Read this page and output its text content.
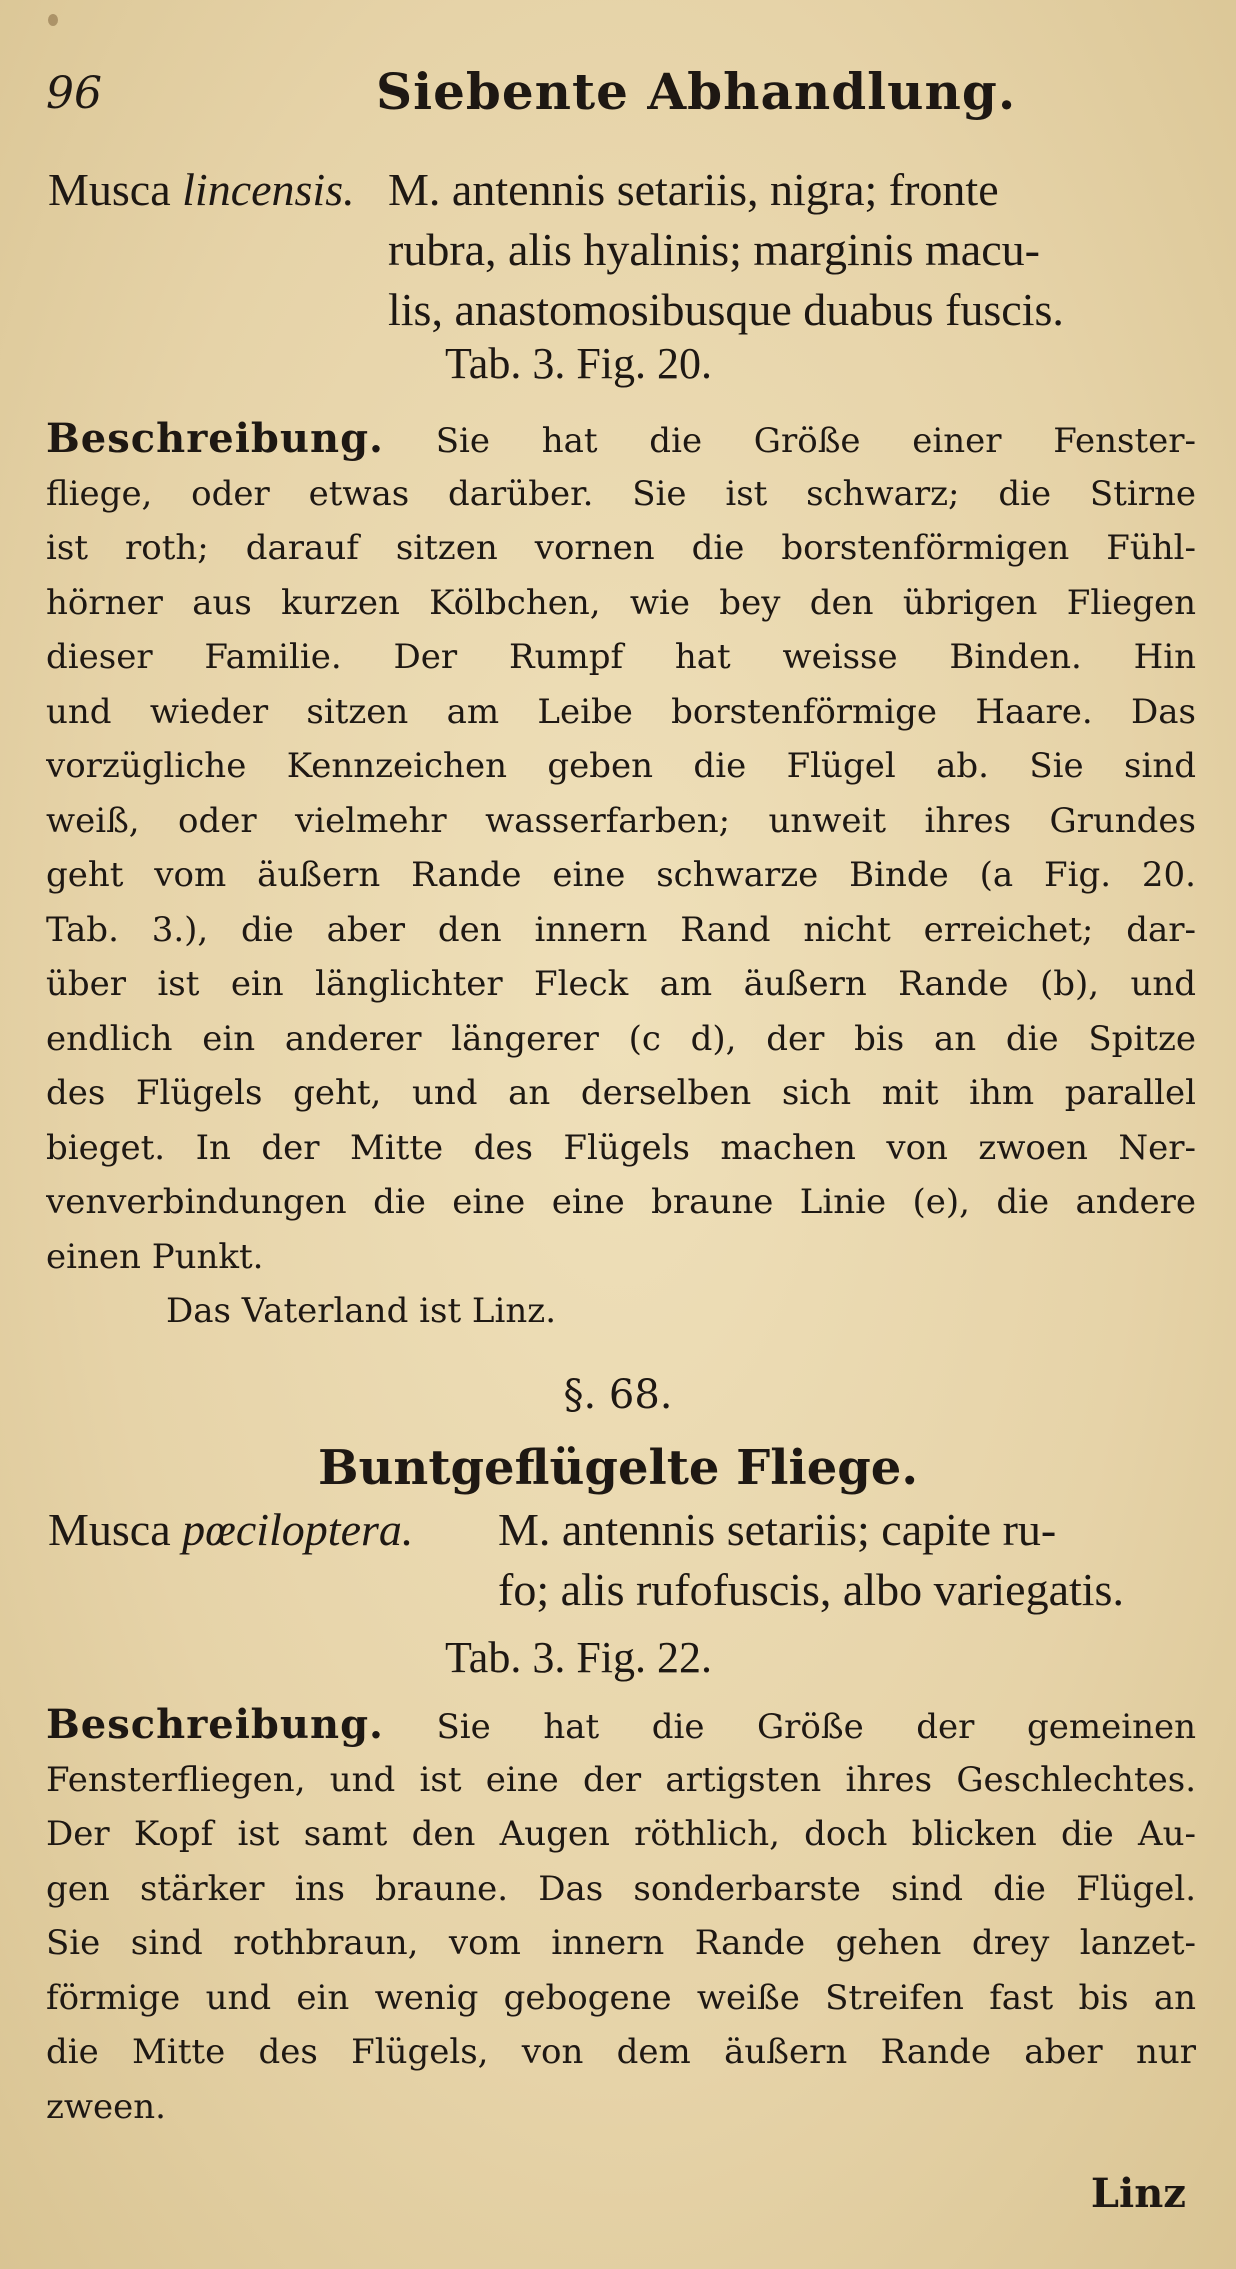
96	Siebente Abhandlung.
Musca lincensis. M. antennis setariis, nigra; fronte
rubra, alis hyalinis; marginis macu-
lis, anastomosibusque duabus fuscis.
Tab. 3. Fig. 20.
Beschreibung. Sie hat die Größe einer Fenster-
fliege, oder etwas darüber. Sie ist schwarz; die Stirne
ist roth; darauf sitzen vornen die borstenförmigen Fühl-
hörner aus kurzen Kölbchen, wie bey den übrigen Fliegen
dieser Familie. Der Rumpf hat weisse Binden. Hin
und wieder sitzen am Leibe borstenförmige Haare. Das
vorzügliche Kennzeichen geben die Flügel ab. Sie sind
weiß, oder vielmehr wasserfarben; unweit ihres Grundes
geht vom äußern Rande eine schwarze Binde (a Fig. 20.
Tab. 3.), die aber den innern Rand nicht erreichet; dar-
über ist ein länglichter Fleck am äußern Rande (b), und
endlich ein anderer längerer (c d), der bis an die Spitze
des Flügels geht, und an derselben sich mit ihm parallel
bieget. In der Mitte des Flügels machen von zwoen Ner-
venverbindungen die eine eine braune Linie (e), die andere
einen Punkt.
Das Vaterland ist Linz.
§. 68.
Buntgeflügelte Fliege.
Musca pœciloptera. M. antennis setariis; capite ru-
fo; alis rufofuscis, albo variegatis.
Tab. 3. Fig. 22.
Beschreibung. Sie hat die Größe der gemeinen
Fensterfliegen, und ist eine der artigsten ihres Geschlechtes.
Der Kopf ist samt den Augen röthlich, doch blicken die Au-
gen stärker ins braune. Das sonderbarste sind die Flügel.
Sie sind rothbraun, vom innern Rande gehen drey lanzet-
förmige und ein wenig gebogene weiße Streifen fast bis an
die Mitte des Flügels, von dem äußern Rande aber nur
zween.
Linz
